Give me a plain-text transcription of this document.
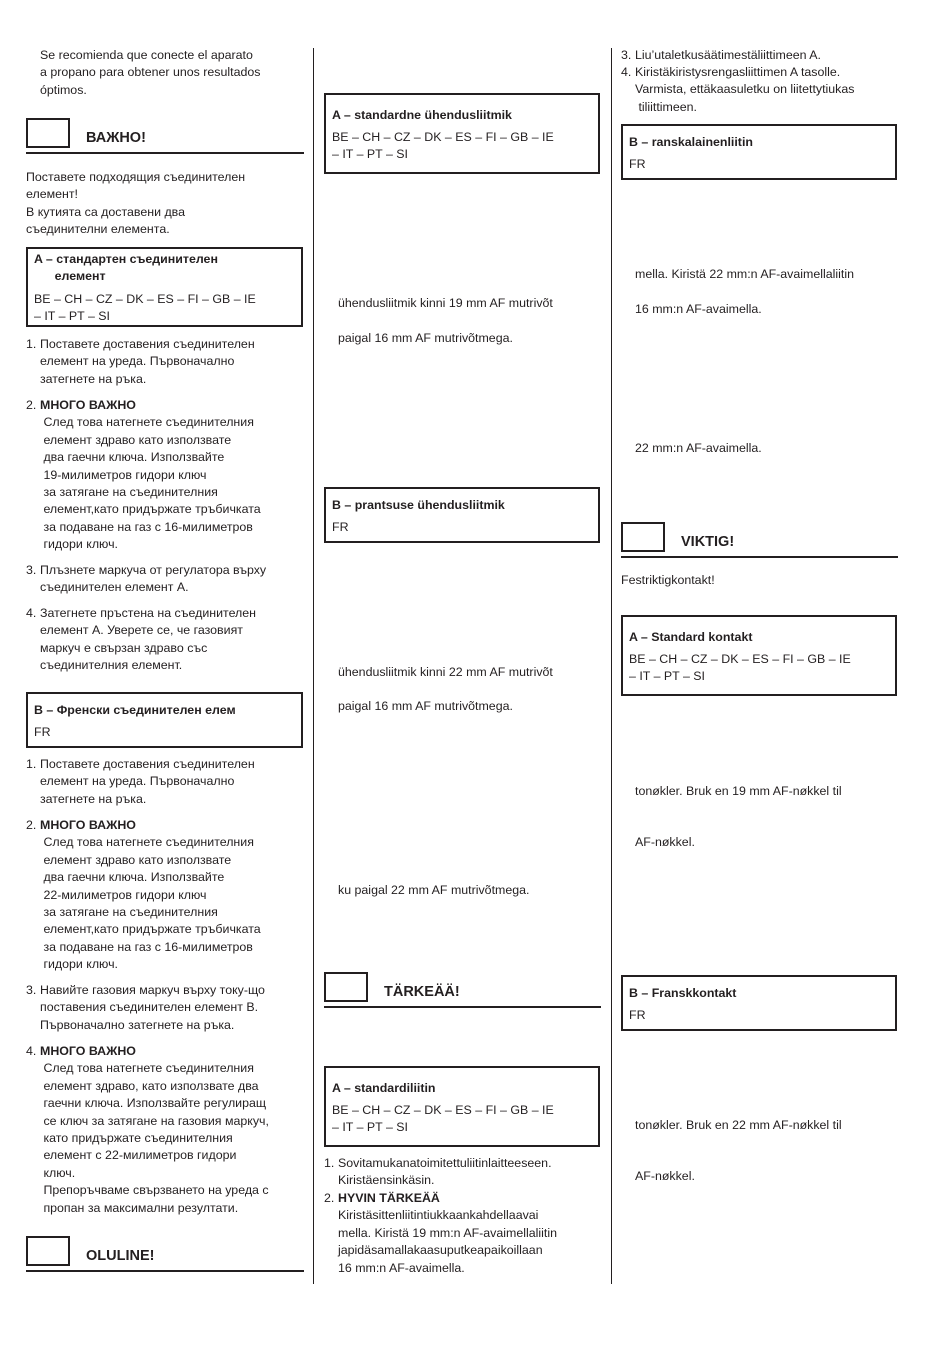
Se recomienda que conecte el aparato
a propano para obtener unos resultados
óptimos.
ВАЖНО!
Поставете подходящия съединителен
елемент!
В кутията са доставени два
съединителни елемента.
A – стандартен съединителен
елемент
BE – CH – CZ – DK – ES – FI – GB – IE
– IT – PT – SI
1. Поставете доставения съединителен
елемент на уреда. Първоначално
затегнете на ръка.
2. МНОГО ВАЖНО
След това натегнете съединителния
елемент здраво като използвате
два гаечни ключа. Използвайте
19-милиметров гидори ключ
за затягане на съединителния
елемент,като придържате тръбичката
за подаване на газ с 16-милиметров
гидори ключ.
3. Плъзнете маркуча от регулатора върху
съединителен елемент A.
4. Затегнете пръстена на съединителен
елемент A. Уверете се, че газовият
маркуч е свързан здраво със
съединителния елемент.
B – Френски съединителен елем
FR
1. Поставете доставения съединителен
елемент на уреда. Първоначално
затегнете на ръка.
2. МНОГО ВАЖНО
След това натегнете съединителния
елемент здраво като използвате
два гаечни ключа. Използвайте
22-милиметров гидори ключ
за затягане на съединителния
елемент,като придържате тръбичката
за подаване на газ с 16-милиметров
гидори ключ.
3. Навийте газовия маркуч върху току-що
поставения съединителен елемент B.
Първоначално затегнете на ръка.
4. МНОГО ВАЖНО
След това натегнете съединителния
елемент здраво, като използвате два
гаечни ключа. Използвайте регулиращ
се ключ за затягане на газовия маркуч,
като придържате съединителния
елемент с 22-милиметров гидори
ключ.
Препоръчваме свързването на уреда с
пропан за максимални резултати.
OLULINE!
A – standardne ühendusliitmik
BE – CH – CZ – DK – ES – FI – GB – IE
– IT – PT – SI
ühendusliitmik kinni 19 mm AF mutrivõt
paigal 16 mm AF mutrivõtmega.
B – prantsuse ühendusliitmik
FR
ühendusliitmik kinni 22 mm AF mutrivõt
paigal 16 mm AF mutrivõtmega.
ku paigal 22 mm AF mutrivõtmega.
TÄRKEÄÄ!
A – standardiliitin
BE – CH – CZ – DK – ES – FI – GB – IE
– IT – PT – SI
1. Sovitamukanatoimitettuliitinlaitteeseen.
Kiristäensinkäsin.
2. HYVIN TÄRKEÄÄ
Kiristäsittenliitintiukkaankahdellaavai
mella. Kiristä 19 mm:n AF-avaimellaliitin
japidäsamallakaasuputkeapaikoillaan
16 mm:n AF-avaimella.
3. Liu’utaletkusäätimestäliittimeen A.
4. Kiristäkiristysrengasliittimen A tasolle.
Varmista, ettäkaasuletku on liitettytiukas
tiliittimeen.
B – ranskalainenliitin
FR
mella. Kiristä 22 mm:n AF-avaimellaliitin
16 mm:n AF-avaimella.
22 mm:n AF-avaimella.
VIKTIG!
Festriktigkontakt!
A – Standard kontakt
BE – CH – CZ – DK – ES – FI – GB – IE
– IT – PT – SI
tonøkler. Bruk en 19 mm AF-nøkkel til
AF-nøkkel.
B – Franskkontakt
FR
tonøkler. Bruk en 22 mm AF-nøkkel til
AF-nøkkel.
